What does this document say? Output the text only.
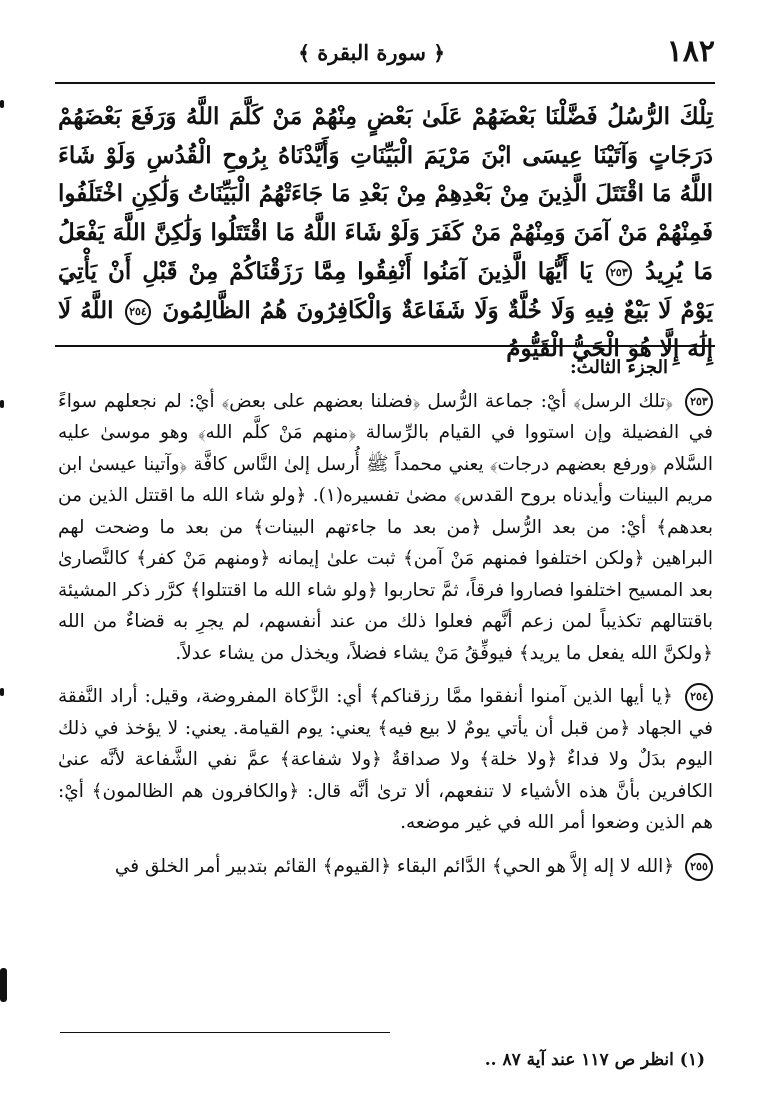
١٨٢
﴿ سورة البقرة ﴾
تِلْكَ الرُّسُلُ فَضَّلْنَا بَعْضَهُمْ عَلَىٰ بَعْضٍ مِنْهُمْ مَنْ كَلَّمَ اللَّهُ وَرَفَعَ بَعْضَهُمْ دَرَجَاتٍ وَآتَيْنَا عِيسَى ابْنَ مَرْيَمَ الْبَيِّنَاتِ وَأَيَّدْنَاهُ بِرُوحِ الْقُدُسِ وَلَوْ شَاءَ اللَّهُ مَا اقْتَتَلَ الَّذِينَ مِنْ بَعْدِهِمْ مِنْ بَعْدِ مَا جَاءَتْهُمُ الْبَيِّنَاتُ وَلَٰكِنِ اخْتَلَفُوا فَمِنْهُمْ مَنْ آمَنَ وَمِنْهُمْ مَنْ كَفَرَ وَلَوْ شَاءَ اللَّهُ مَا اقْتَتَلُوا وَلَٰكِنَّ اللَّهَ يَفْعَلُ مَا يُرِيدُ ٢٥٣ يَا أَيُّهَا الَّذِينَ آمَنُوا أَنْفِقُوا مِمَّا رَزَقْنَاكُمْ مِنْ قَبْلِ أَنْ يَأْتِيَ يَوْمٌ لَا بَيْعٌ فِيهِ وَلَا خُلَّةٌ وَلَا شَفَاعَةٌ وَالْكَافِرُونَ هُمُ الظَّالِمُونَ ٢٥٤ اللَّهُ لَا إِلَٰهَ إِلَّا هُوَ الْحَيُّ الْقَيُّومُ
الجزء الثالث:
٢٥٣ ﴿تلك الرسل﴾ أيْ: جماعة الرُّسل ﴿فضلنا بعضهم على بعض﴾ أيْ: لم نجعلهم سواءً في الفضيلة وإن استووا في القيام بالرِّسالة ﴿منهم مَنْ كلَّم الله﴾ وهو موسىٰ عليه السَّلام ﴿ورفع بعضهم درجات﴾ يعني محمداً ﷺ أُرسل إلىٰ النَّاس كافَّة ﴿وآتينا عيسىٰ ابن مريم البينات وأيدناه بروح القدس﴾ مضىٰ تفسيره(١). ﴿ولو شاء الله ما اقتتل الذين من بعدهم﴾ أيْ: من بعد الرُّسل ﴿من بعد ما جاءتهم البينات﴾ من بعد ما وضحت لهم البراهين ﴿ولكن اختلفوا فمنهم مَنْ آمن﴾ ثبت علىٰ إيمانه ﴿ومنهم مَنْ كفر﴾ كالنَّصارىٰ بعد المسيح اختلفوا فصاروا فرقاً، ثمَّ تحاربوا ﴿ولو شاء الله ما اقتتلوا﴾ كرَّر ذكر المشيئة باقتتالهم تكذيباً لمن زعم أنَّهم فعلوا ذلك من عند أنفسهم، لم يجرِ به قضاءٌ من الله ﴿ولكنَّ الله يفعل ما يريد﴾ فيوفِّقُ مَنْ يشاء فضلاً، ويخذل من يشاء عدلاً.
٢٥٤ ﴿يا أيها الذين آمنوا أنفقوا ممَّا رزقناكم﴾ أي: الزَّكاة المفروضة، وقيل: أراد النَّفقة في الجهاد ﴿من قبل أن يأتي يومٌ لا بيع فيه﴾ يعني: يوم القيامة. يعني: لا يؤخذ في ذلك اليوم بدَلٌ ولا فداءٌ ﴿ولا خلة﴾ ولا صداقةٌ ﴿ولا شفاعة﴾ عمَّ نفي الشَّفاعة لأنَّه عنىٰ الكافرين بأنَّ هذه الأشياء لا تنفعهم، ألا ترىٰ أنَّه قال: ﴿والكافرون هم الظالمون﴾ أيْ: هم الذين وضعوا أمر الله في غير موضعه.
٢٥٥ ﴿الله لا إله إلاَّ هو الحي﴾ الدَّائم البقاء ﴿القيوم﴾ القائم بتدبير أمر الخلق في
(١) انظر ص ١١٧ عند آية ٨٧ ..
